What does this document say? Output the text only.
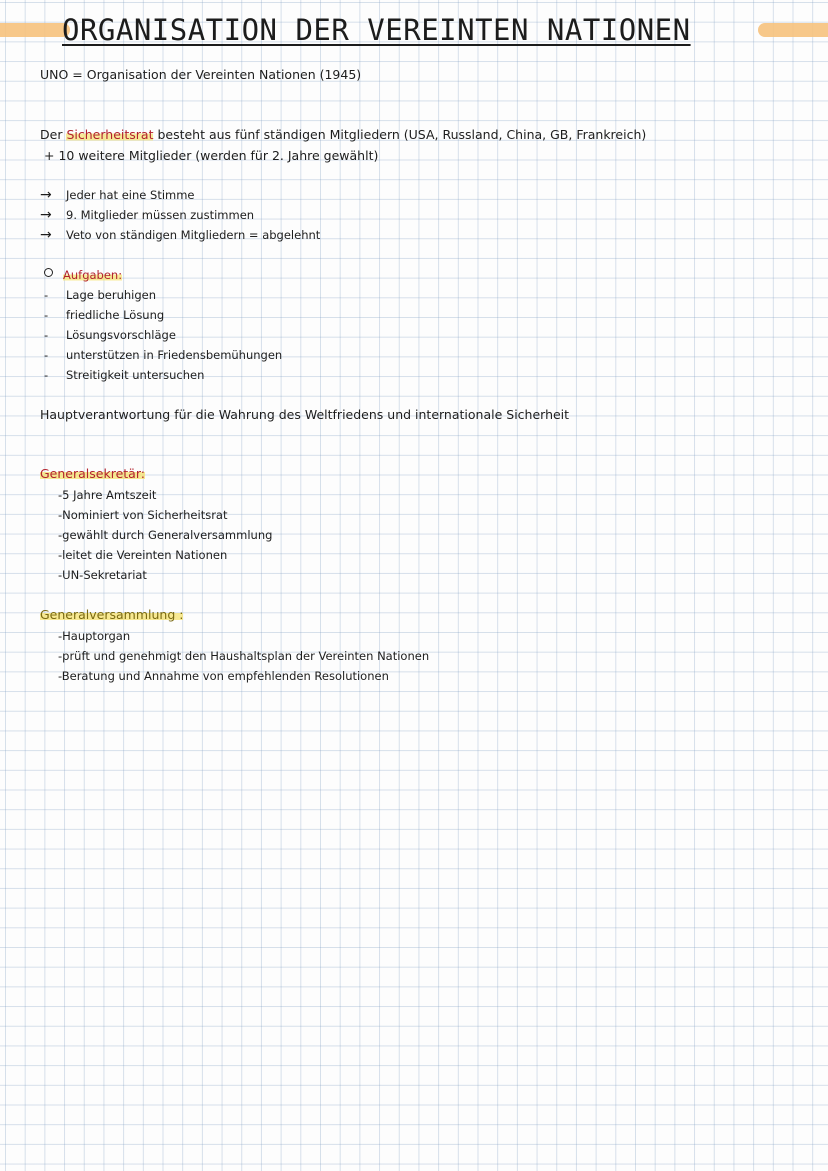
ORGANISATION DER VEREINTEN NATIONEN
UNO = Organisation der Vereinten Nationen (1945)
Der Sicherheitsrat besteht aus fünf ständigen Mitgliedern (USA, Russland, China, GB, Frankreich)
+ 10 weitere Mitglieder (werden für 2. Jahre gewählt)
→ Jeder hat eine Stimme
→ 9. Mitglieder müssen zustimmen
→ Veto von ständigen Mitgliedern = abgelehnt
Aufgaben:
- Lage beruhigen
- friedliche Lösung
- Lösungsvorschläge
- unterstützen in Friedensbemühungen
- Streitigkeit untersuchen
Hauptverantwortung für die Wahrung des Weltfriedens und internationale Sicherheit
Generalsekretär:
-5 Jahre Amtszeit
-Nominiert von Sicherheitsrat
-gewählt durch Generalversammlung
-leitet die Vereinten Nationen
-UN-Sekretariat
Generalversammlung :
-Hauptorgan
-prüft und genehmigt den Haushaltsplan der Vereinten Nationen
-Beratung und Annahme von empfehlenden Resolutionen
